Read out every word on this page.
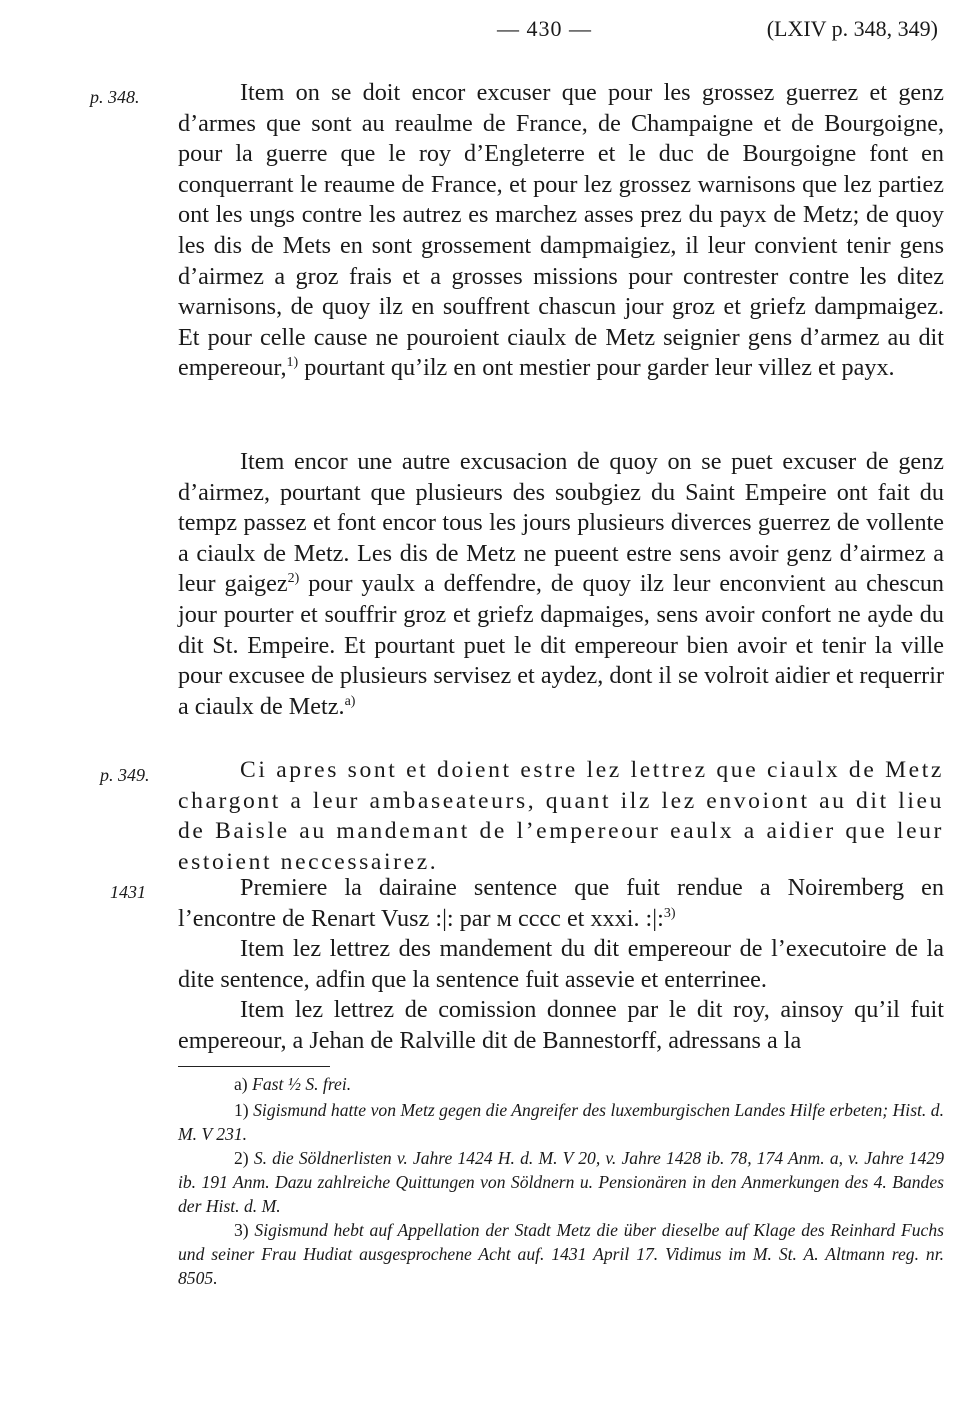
— 430 —	(LXIV p. 348, 349)
p. 348.
p. 349.
1431

Item on se doit encor excuser que pour les grossez guerrez et genz d’armes que sont au reaulme de France, de Champaigne et de Bourgoigne, pour la guerre que le roy d’Engleterre et le duc de Bourgoigne font en conquerrant le reaume de France, et pour lez grossez warnisons que lez partiez ont les ungs contre les autrez es marchez asses prez du payx de Metz; de quoy les dis de Mets en sont grossement dampmaigiez, il leur convient tenir gens d’airmez a groz frais et a grosses missions pour contrester contre les ditez warnisons, de quoy ilz en souffrent chascun jour groz et griefz dampmaigez. Et pour celle cause ne pouroient ciaulx de Metz seignier gens d’armez au dit empereour,$^{1)}$ pourtant qu’ilz en ont mestier pour garder leur villez et payx.

Item encor une autre excusacion de quoy on se puet excuser de genz d’airmez, pourtant que plusieurs des soubgiez du Saint Empeire ont fait du tempz passez et font encor tous les jours plusieurs diverces guerrez de vollente a ciaulx de Metz. Les dis de Metz ne pueent estre sens avoir genz d’airmez a leur gaigez$^{2)}$ pour yaulx a deffendre, de quoy ilz leur enconvient au chescun jour pourter et souffrir groz et griefz dapmaiges, sens avoir confort ne ayde du dit St. Empeire. Et pourtant puet le dit empereour bien avoir et tenir la ville pour excusee de plusieurs servisez et aydez, dont il se volroit aidier et requerrir a ciaulx de Metz.$^{a)}$

Ci apres sont et doient estre lez lettrez que ciaulx de Metz chargont a leur ambaseateurs, quant ilz lez envoiont au dit lieu de Baisle au mandemant de l’empereour eaulx a aidier que leur estoient neccessairez.

Premiere la dairaine sentence que fuit rendue a Noiremberg en l’encontre de Renart Vusz :|: par м cccc et xxxi. :|:$^{3)}$

Item lez lettrez des mandement du dit empereour de l’executoire de la dite sentence, adfin que la sentence fuit assevie et enterrinee.

Item lez lettrez de comission donnee par le dit roy, ainsoy qu’il fuit empereour, a Jehan de Ralville dit de Bannestorff, adressans a la

a) Fast ½ S. frei.

1) Sigismund hatte von Metz gegen die Angreifer des luxemburgischen Landes Hilfe erbeten; Hist. d. M. V 231.

2) S. die Söldnerlisten v. Jahre 1424 H. d. M. V 20, v. Jahre 1428 ib. 78, 174 Anm. a, v. Jahre 1429 ib. 191 Anm. Dazu zahlreiche Quittungen von Söldnern u. Pensionären in den Anmerkungen des 4. Bandes der Hist. d. M.

3) Sigismund hebt auf Appellation der Stadt Metz die über dieselbe auf Klage des Reinhard Fuchs und seiner Frau Hudiat ausgesprochene Acht auf. 1431 April 17. Vidimus im M. St. A. Altmann reg. nr. 8505.
